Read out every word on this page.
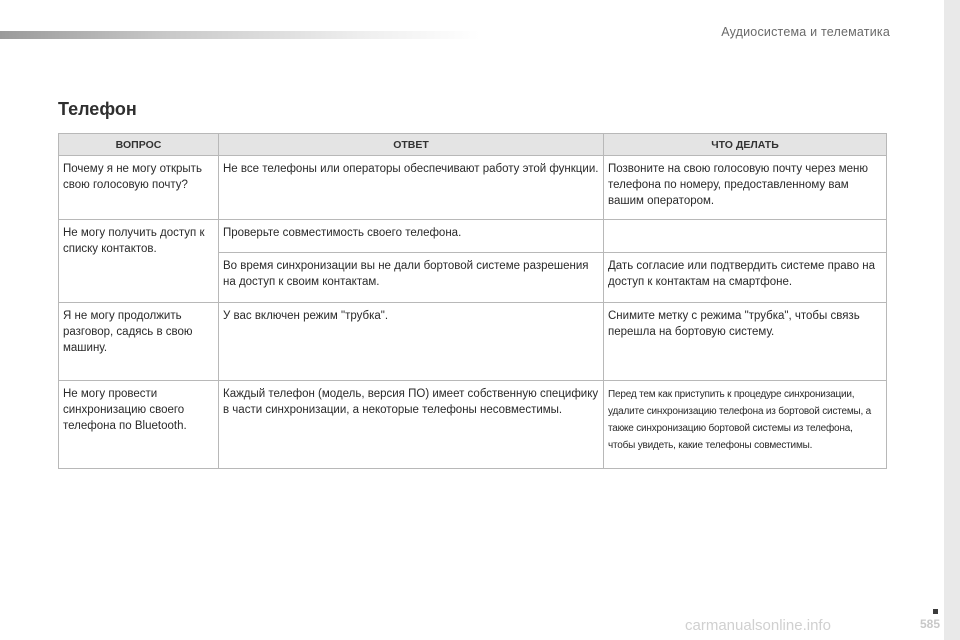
Аудиосистема и телематика
Телефон
ВОПРОС	ОТВЕТ	ЧТО ДЕЛАТЬ
Почему я не могу открыть свою голосовую почту?	Не все телефоны или операторы обеспечивают работу этой функции.	Позвоните на свою голосовую почту через меню телефона по номеру, предоставленному вам вашим оператором.
Не могу получить доступ к списку контактов.	Проверьте совместимость своего телефона.	
	Во время синхронизации вы не дали бортовой системе разрешения на доступ к своим контактам.	Дать согласие или подтвердить системе право на доступ к контактам на смартфоне.
Я не могу продолжить разговор, садясь в свою машину.	У вас включен режим "трубка".	Снимите метку с режима "трубка", чтобы связь перешла на бортовую систему.
Не могу провести синхронизацию своего телефона по Bluetooth.	Каждый телефон (модель, версия ПО) имеет собственную специфику в части синхронизации, а некоторые телефоны несовместимы.	Перед тем как приступить к процедуре синхронизации, удалите синхронизацию телефона из бортовой системы, а также синхронизацию бортовой системы из телефона, чтобы увидеть, какие телефоны совместимы.
585
carmanualsonline.info
